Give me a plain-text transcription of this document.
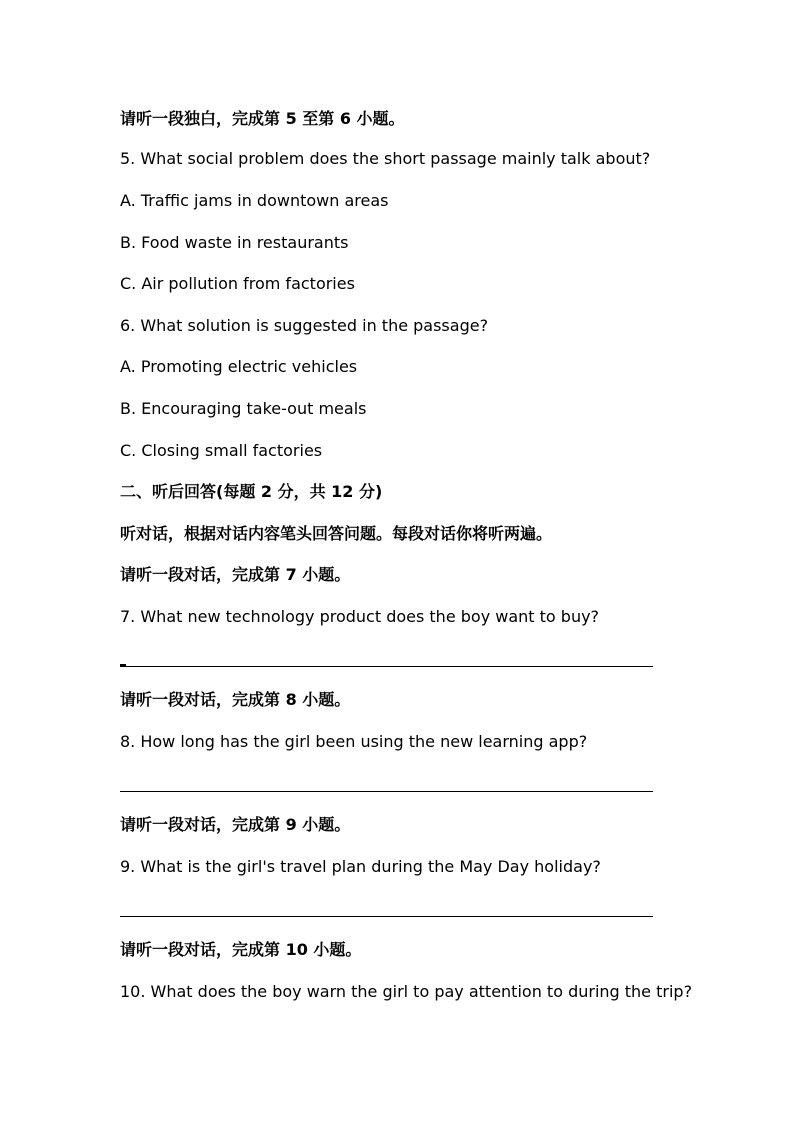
请听一段独白，完成第 5 至第 6 小题。
5. What social problem does the short passage mainly talk about?
A. Traffic jams in downtown areas
B. Food waste in restaurants
C. Air pollution from factories
6. What solution is suggested in the passage?
A. Promoting electric vehicles
B. Encouraging take-out meals
C. Closing small factories
二、听后回答(每题 2 分，共 12 分)
听对话，根据对话内容笔头回答问题。每段对话你将听两遍。
请听一段对话，完成第 7 小题。
7. What new technology product does the boy want to buy?
请听一段对话，完成第 8 小题。
8. How long has the girl been using the new learning app?
请听一段对话，完成第 9 小题。
9. What is the girl's travel plan during the May Day holiday?
请听一段对话，完成第 10 小题。
10. What does the boy warn the girl to pay attention to during the trip?
